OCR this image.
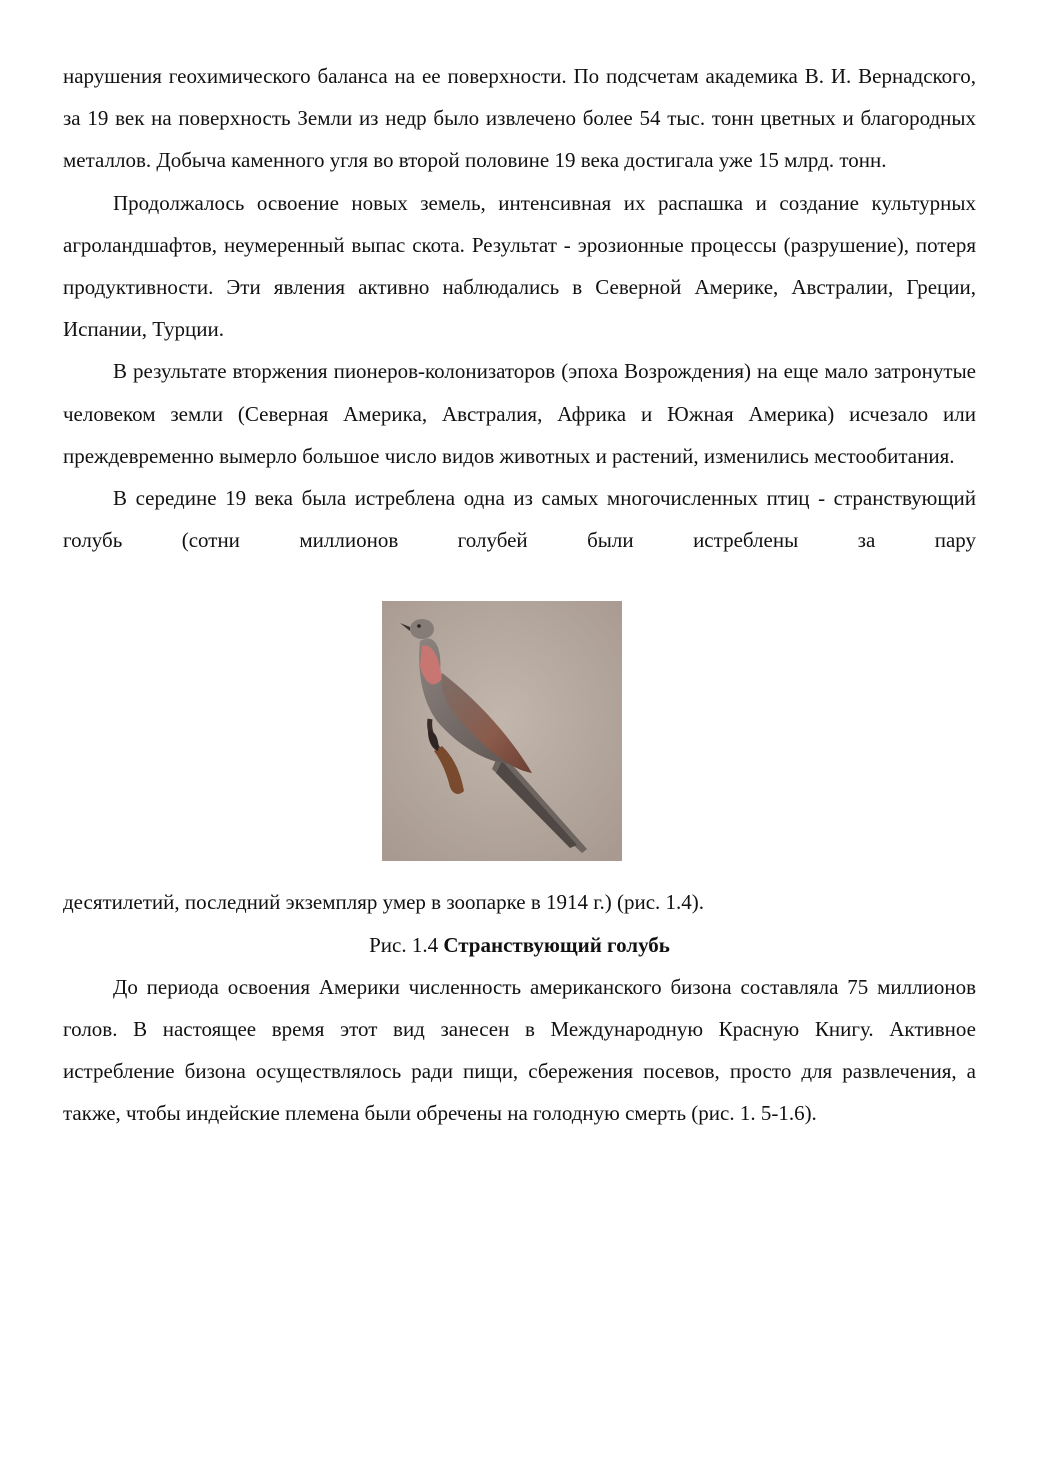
нарушения геохимического баланса на ее поверхности. По подсчетам академика В. И. Вернадского, за 19 век на поверхность Земли из недр было извлечено более 54 тыс. тонн цветных и благородных металлов. Добыча каменного угля во второй половине 19 века достигала уже 15 млрд. тонн.

Продолжалось освоение новых земель, интенсивная их распашка и создание культурных агроландшафтов, неумеренный выпас скота. Результат - эрозионные процессы (разрушение), потеря продуктивности. Эти явления активно наблюдались в Северной Америке, Австралии, Греции, Испании, Турции.

В результате вторжения пионеров-колонизаторов (эпоха Возрождения) на еще мало затронутые человеком земли (Северная Америка, Австралия, Африка и Южная Америка) исчезало или преждевременно вымерло большое число видов животных и растений, изменились местообитания.

В середине 19 века была истреблена одна из самых многочисленных птиц - странствующий голубь (сотни миллионов голубей были истреблены за пару

десятилетий, последний экземпляр умер в зоопарке в 1914 г.) (рис. 1.4).

Рис. 1.4 Странствующий голубь

До периода освоения Америки численность американского бизона составляла 75 миллионов голов. В настоящее время этот вид занесен в Международную Красную Книгу. Активное истребление бизона осуществлялось ради пищи, сбережения посевов, просто для развлечения, а также, чтобы индейские племена были обречены на голодную смерть (рис. 1. 5-1.6).
